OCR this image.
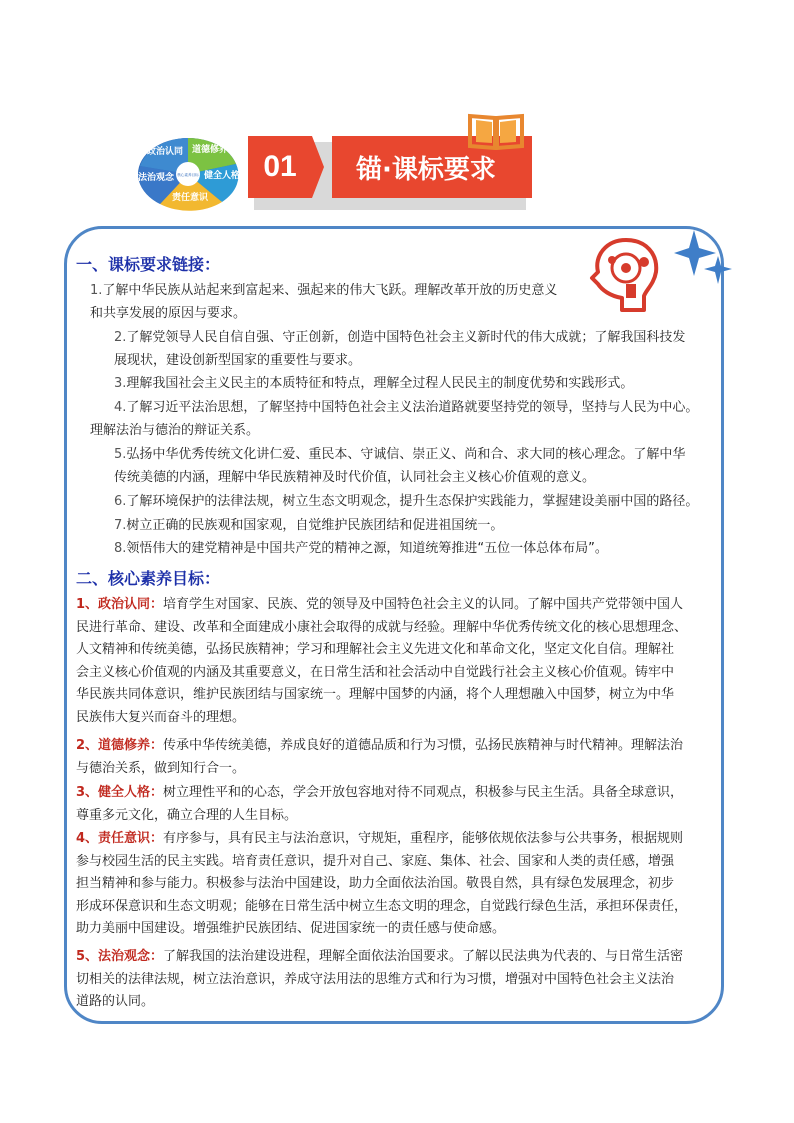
政治认同 道德修养
健全人格
责任意识
法治观念 核心素养目标	01	锚·课标要求
一、课标要求链接：
1.了解中华民族从站起来到富起来、强起来的伟大飞跃。理解改革开放的历史意义
和共享发展的原因与要求。
2.了解党领导人民自信自强、守正创新，创造中国特色社会主义新时代的伟大成就；了解我国科技发
展现状，建设创新型国家的重要性与要求。
3.理解我国社会主义民主的本质特征和特点，理解全过程人民民主的制度优势和实践形式。
4.了解习近平法治思想，了解坚持中国特色社会主义法治道路就要坚持党的领导，坚持与人民为中心。
理解法治与德治的辩证关系。
5.弘扬中华优秀传统文化讲仁爱、重民本、守诚信、崇正义、尚和合、求大同的核心理念。了解中华
传统美德的内涵，理解中华民族精神及时代价值，认同社会主义核心价值观的意义。
6.了解环境保护的法律法规，树立生态文明观念，提升生态保护实践能力，掌握建设美丽中国的路径。
7.树立正确的民族观和国家观，自觉维护民族团结和促进祖国统一。
8.领悟伟大的建党精神是中国共产党的精神之源，知道统筹推进“五位一体总体布局”。
二、核心素养目标：
1、政治认同：培育学生对国家、民族、党的领导及中国特色社会主义的认同。了解中国共产党带领中国人
民进行革命、建设、改革和全面建成小康社会取得的成就与经验。理解中华优秀传统文化的核心思想理念、
人文精神和传统美德，弘扬民族精神；学习和理解社会主义先进文化和革命文化，坚定文化自信。理解社
会主义核心价值观的内涵及其重要意义，在日常生活和社会活动中自觉践行社会主义核心价值观。铸牢中
华民族共同体意识，维护民族团结与国家统一。理解中国梦的内涵，将个人理想融入中国梦，树立为中华
民族伟大复兴而奋斗的理想。
2、道德修养：传承中华传统美德，养成良好的道德品质和行为习惯，弘扬民族精神与时代精神。理解法治
与德治关系，做到知行合一。
3、健全人格：树立理性平和的心态，学会开放包容地对待不同观点，积极参与民主生活。具备全球意识，
尊重多元文化，确立合理的人生目标。
4、责任意识：有序参与，具有民主与法治意识，守规矩，重程序，能够依规依法参与公共事务，根据规则
参与校园生活的民主实践。培育责任意识，提升对自己、家庭、集体、社会、国家和人类的责任感，增强
担当精神和参与能力。积极参与法治中国建设，助力全面依法治国。敬畏自然，具有绿色发展理念，初步
形成环保意识和生态文明观；能够在日常生活中树立生态文明的理念，自觉践行绿色生活，承担环保责任，
助力美丽中国建设。增强维护民族团结、促进国家统一的责任感与使命感。
5、法治观念：了解我国的法治建设进程，理解全面依法治国要求。了解以民法典为代表的、与日常生活密
切相关的法律法规，树立法治意识，养成守法用法的思维方式和行为习惯，增强对中国特色社会主义法治
道路的认同。
